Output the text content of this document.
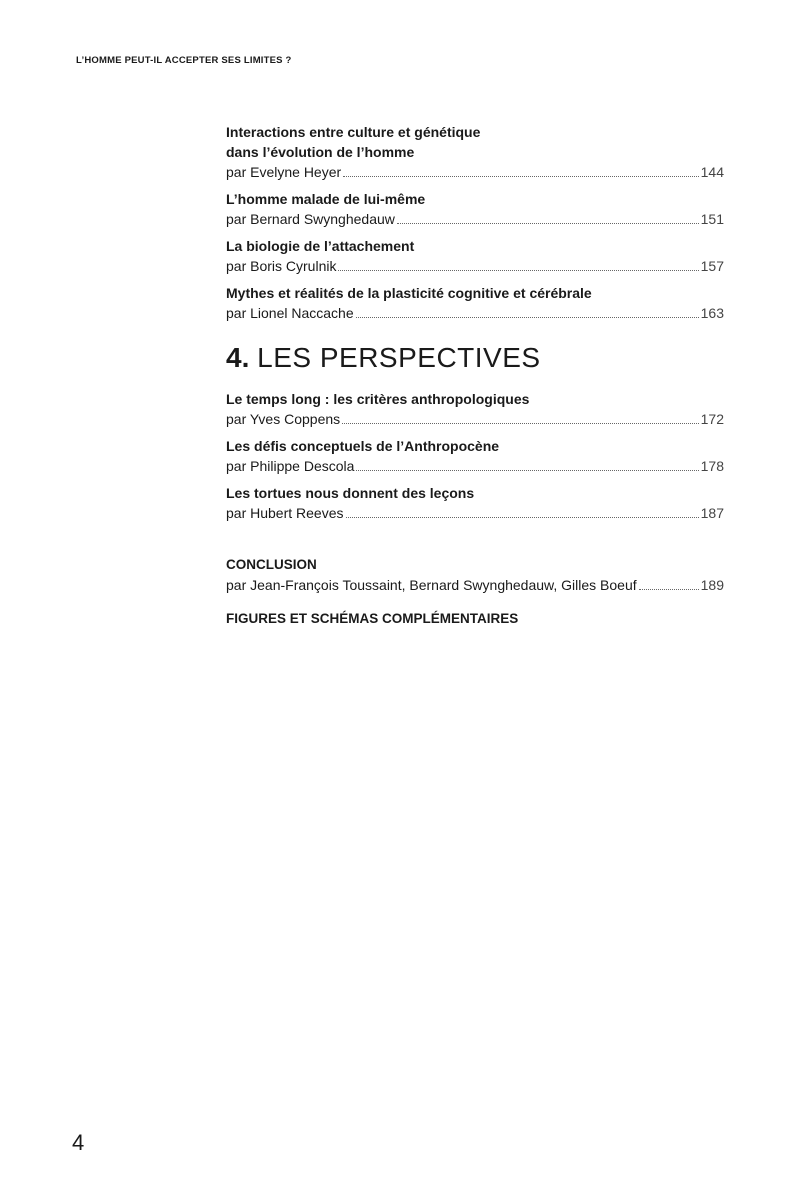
L’HOMME PEUT-IL ACCEPTER SES LIMITES ?
Interactions entre culture et génétique
dans l’évolution de l’homme
par Evelyne Heyer	144
L’homme malade de lui-même
par Bernard Swynghedauw	151
La biologie de l’attachement
par Boris Cyrulnik	157
Mythes et réalités de la plasticité cognitive et cérébrale
par Lionel Naccache	163
4. LES PERSPECTIVES
Le temps long : les critères anthropologiques
par Yves Coppens	172
Les défis conceptuels de l’Anthropocène
par Philippe Descola	178
Les tortues nous donnent des leçons
par Hubert Reeves	187
CONCLUSION
par Jean-François Toussaint, Bernard Swynghedauw, Gilles Boeuf	189
FIGURES ET SCHÉMAS COMPLÉMENTAIRES
4
